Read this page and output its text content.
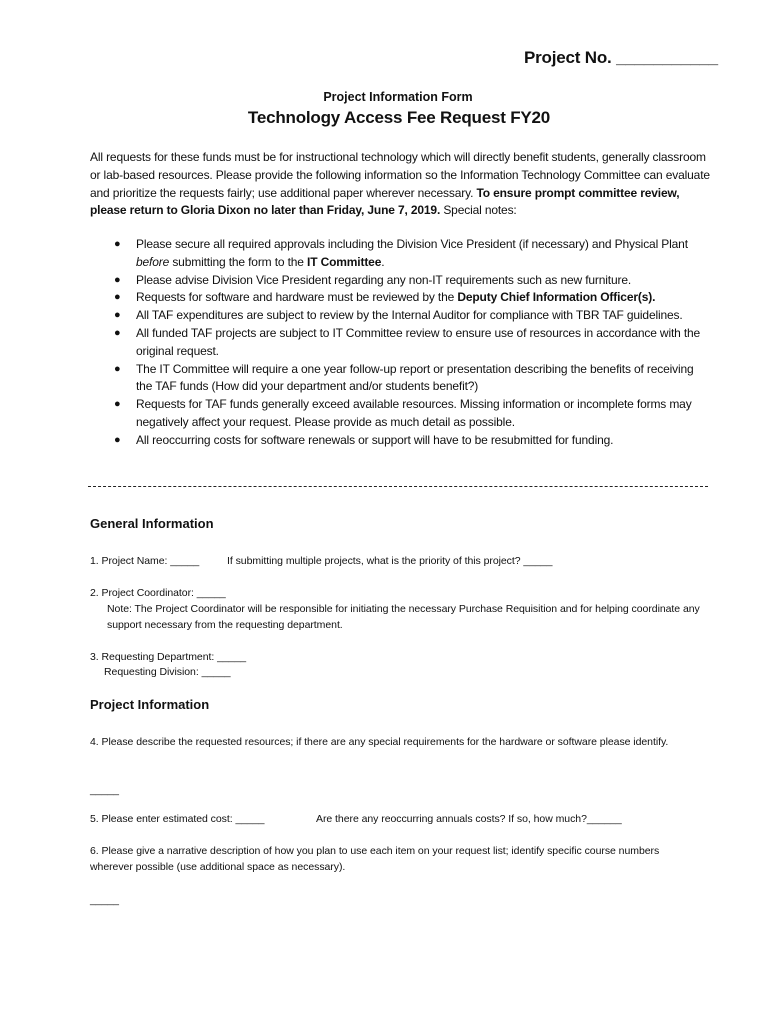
Project No. ___________
Project Information Form
Technology Access Fee Request FY20
All requests for these funds must be for instructional technology which will directly benefit students, generally classroom or lab-based resources. Please provide the following information so the Information Technology Committee can evaluate and prioritize the requests fairly; use additional paper wherever necessary. To ensure prompt committee review, please return to Gloria Dixon no later than Friday, June 7, 2019. Special notes:
● Please secure all required approvals including the Division Vice President (if necessary) and Physical Plant before submitting the form to the IT Committee.
● Please advise Division Vice President regarding any non-IT requirements such as new furniture.
● Requests for software and hardware must be reviewed by the Deputy Chief Information Officer(s).
● All TAF expenditures are subject to review by the Internal Auditor for compliance with TBR TAF guidelines.
● All funded TAF projects are subject to IT Committee review to ensure use of resources in accordance with the original request.
● The IT Committee will require a one year follow-up report or presentation describing the benefits of receiving the TAF funds (How did your department and/or students benefit?)
● Requests for TAF funds generally exceed available resources. Missing information or incomplete forms may negatively affect your request. Please provide as much detail as possible.
● All reoccurring costs for software renewals or support will have to be resubmitted for funding.
General Information
1. Project Name: _____	If submitting multiple projects, what is the priority of this project? _____
2. Project Coordinator: _____
Note: The Project Coordinator will be responsible for initiating the necessary Purchase Requisition and for helping coordinate any support necessary from the requesting department.
3. Requesting Department: _____
Requesting Division: _____
Project Information
4. Please describe the requested resources; if there are any special requirements for the hardware or software please identify.
_____
5. Please enter estimated cost: _____	Are there any reoccurring annuals costs? If so, how much?______
6. Please give a narrative description of how you plan to use each item on your request list; identify specific course numbers wherever possible (use additional space as necessary).
_____
